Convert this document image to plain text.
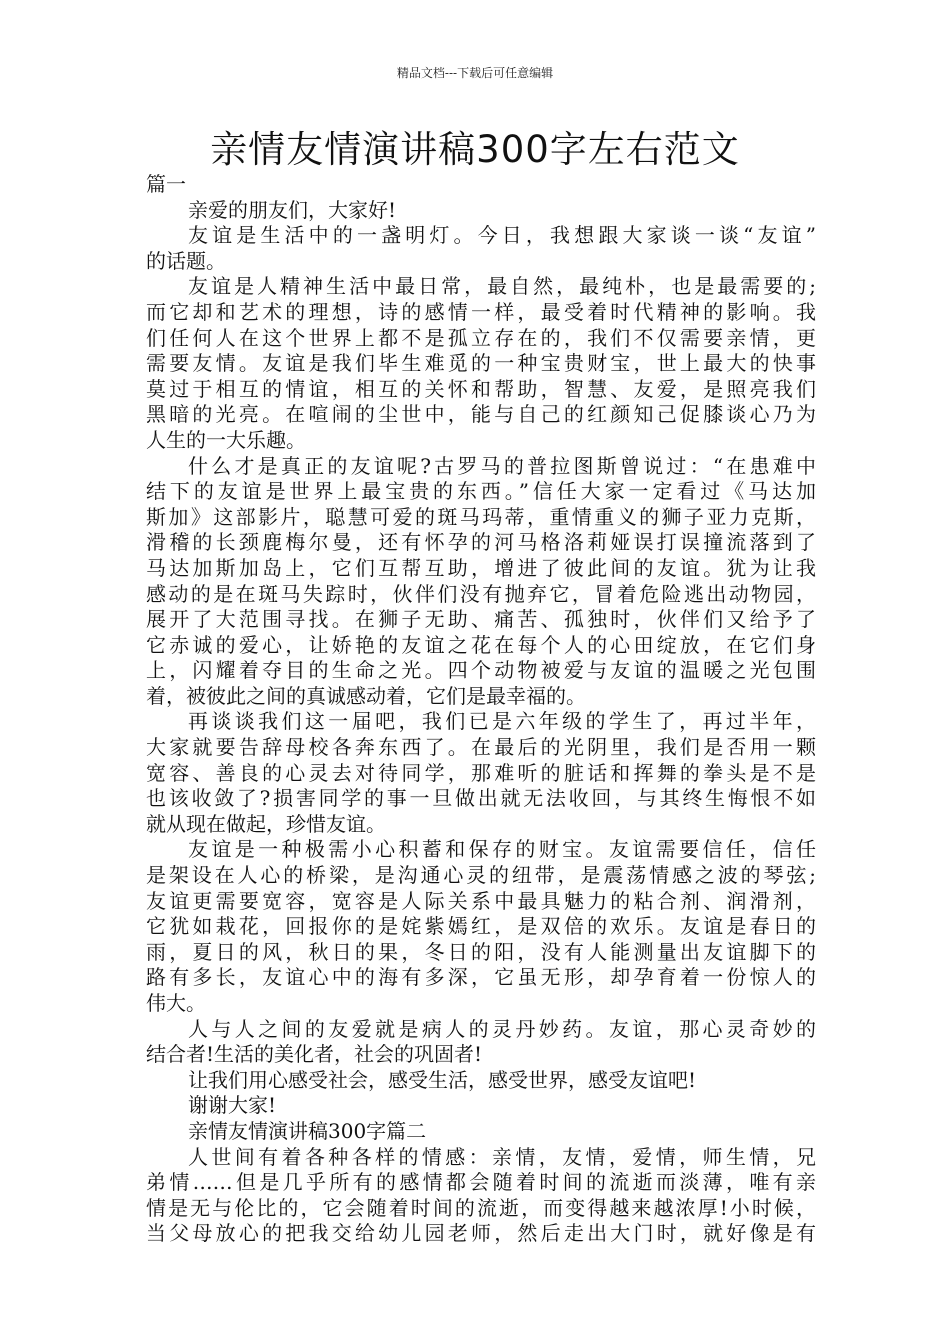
精品文档---下载后可任意编辑
亲情友情演讲稿300字左右范文
篇一
亲爱的朋友们，大家好!
友谊是生活中的一盏明灯。今日，我想跟大家谈一谈“友谊”
的话题。
友谊是人精神生活中最日常，最自然，最纯朴，也是最需要的;
而它却和艺术的理想，诗的感情一样，最受着时代精神的影响。我
们任何人在这个世界上都不是孤立存在的，我们不仅需要亲情，更
需要友情。友谊是我们毕生难觅的一种宝贵财宝，世上最大的快事
莫过于相互的情谊，相互的关怀和帮助，智慧、友爱，是照亮我们
黑暗的光亮。在喧闹的尘世中，能与自己的红颜知己促膝谈心乃为
人生的一大乐趣。
什么才是真正的友谊呢?古罗马的普拉图斯曾说过：“在患难中
结下的友谊是世界上最宝贵的东西。”信任大家一定看过《马达加
斯加》这部影片，聪慧可爱的斑马玛蒂，重情重义的狮子亚力克斯，
滑稽的长颈鹿梅尔曼，还有怀孕的河马格洛莉娅误打误撞流落到了
马达加斯加岛上，它们互帮互助，增进了彼此间的友谊。犹为让我
感动的是在斑马失踪时，伙伴们没有抛弃它，冒着危险逃出动物园，
展开了大范围寻找。在狮子无助、痛苦、孤独时，伙伴们又给予了
它赤诚的爱心，让娇艳的友谊之花在每个人的心田绽放，在它们身
上，闪耀着夺目的生命之光。四个动物被爱与友谊的温暖之光包围
着，被彼此之间的真诚感动着，它们是最幸福的。
再谈谈我们这一届吧，我们已是六年级的学生了，再过半年，
大家就要告辞母校各奔东西了。在最后的光阴里，我们是否用一颗
宽容、善良的心灵去对待同学，那难听的脏话和挥舞的拳头是不是
也该收敛了?损害同学的事一旦做出就无法收回，与其终生悔恨不如
就从现在做起，珍惜友谊。
友谊是一种极需小心积蓄和保存的财宝。友谊需要信任，信任
是架设在人心的桥梁，是沟通心灵的纽带，是震荡情感之波的琴弦;
友谊更需要宽容，宽容是人际关系中最具魅力的粘合剂、润滑剂，
它犹如栽花，回报你的是姹紫嫣红，是双倍的欢乐。友谊是春日的
雨，夏日的风，秋日的果，冬日的阳，没有人能测量出友谊脚下的
路有多长，友谊心中的海有多深，它虽无形，却孕育着一份惊人的
伟大。
人与人之间的友爱就是病人的灵丹妙药。友谊，那心灵奇妙的
结合者!生活的美化者，社会的巩固者!
让我们用心感受社会，感受生活，感受世界，感受友谊吧!
谢谢大家!
亲情友情演讲稿300字篇二
人世间有着各种各样的情感：亲情，友情，爱情，师生情，兄
弟情……但是几乎所有的感情都会随着时间的流逝而淡薄，唯有亲
情是无与伦比的，它会随着时间的流逝，而变得越来越浓厚!小时候，
当父母放心的把我交给幼儿园老师，然后走出大门时，就好像是有
